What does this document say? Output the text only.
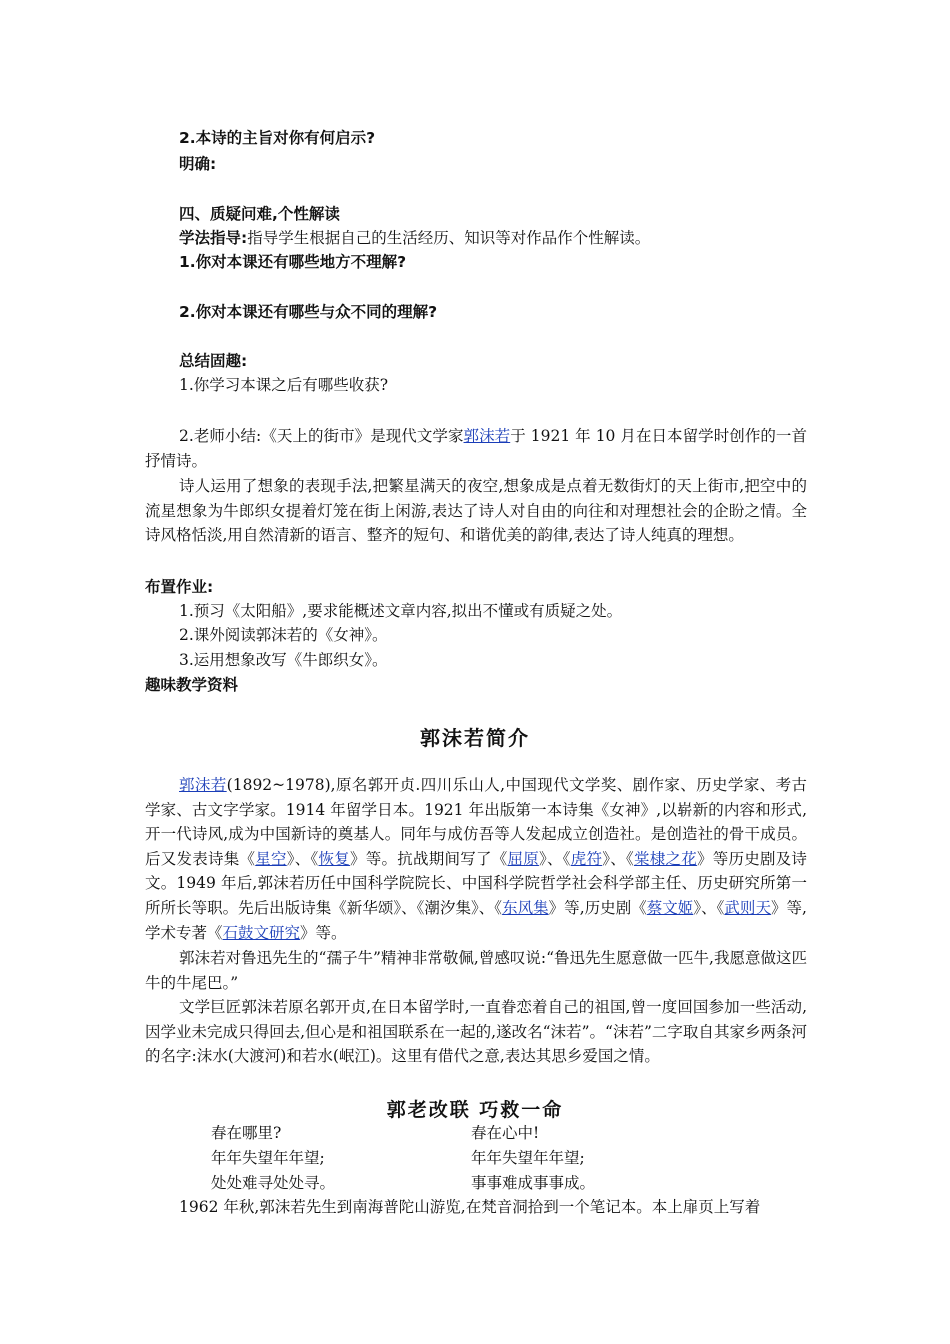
2.本诗的主旨对你有何启示?
明确:
四、质疑问难,个性解读
学法指导:指导学生根据自己的生活经历、知识等对作品作个性解读。
1.你对本课还有哪些地方不理解?
2.你对本课还有哪些与众不同的理解?
总结固趣:
1.你学习本课之后有哪些收获?
2.老师小结:《天上的街市》是现代文学家郭沫若于 1921 年 10 月在日本留学时创作的一首抒情诗。
诗人运用了想象的表现手法,把繁星满天的夜空,想象成是点着无数街灯的天上街市,把空中的流星想象为牛郎织女提着灯笼在街上闲游,表达了诗人对自由的向往和对理想社会的企盼之情。全诗风格恬淡,用自然清新的语言、整齐的短句、和谐优美的韵律,表达了诗人纯真的理想。
布置作业:
1.预习《太阳船》,要求能概述文章内容,拟出不懂或有质疑之处。
2.课外阅读郭沫若的《女神》。
3.运用想象改写《牛郎织女》。
趣味教学资料
郭沫若简介
郭沫若(1892~1978),原名郭开贞.四川乐山人,中国现代文学奖、剧作家、历史学家、考古学家、古文字学家。1914 年留学日本。1921 年出版第一本诗集《女神》,以崭新的内容和形式,开一代诗风,成为中国新诗的奠基人。同年与成仿吾等人发起成立创造社。是创造社的骨干成员。后又发表诗集《星空》、《恢复》等。抗战期间写了《屈原》、《虎符》、《棠棣之花》等历史剧及诗文。1949 年后,郭沫若历任中国科学院院长、中国科学院哲学社会科学部主任、历史研究所第一所所长等职。先后出版诗集《新华颂》、《潮汐集》、《东风集》等,历史剧《蔡文姬》、《武则天》等,学术专著《石鼓文研究》等。
郭沫若对鲁迅先生的“孺子牛”精神非常敬佩,曾感叹说:“鲁迅先生愿意做一匹牛,我愿意做这匹牛的牛尾巴。”
文学巨匠郭沫若原名郭开贞,在日本留学时,一直眷恋着自己的祖国,曾一度回国参加一些活动,因学业未完成只得回去,但心是和祖国联系在一起的,遂改名“沫若”。“沫若”二字取自其家乡两条河的名字:沫水(大渡河)和若水(岷江)。这里有借代之意,表达其思乡爱国之情。
郭老改联 巧救一命
春在哪里?	春在心中!
年年失望年年望;	年年失望年年望;
处处难寻处处寻。	事事难成事事成。
1962 年秋,郭沫若先生到南海普陀山游览,在梵音洞拾到一个笔记本。本上扉页上写着
